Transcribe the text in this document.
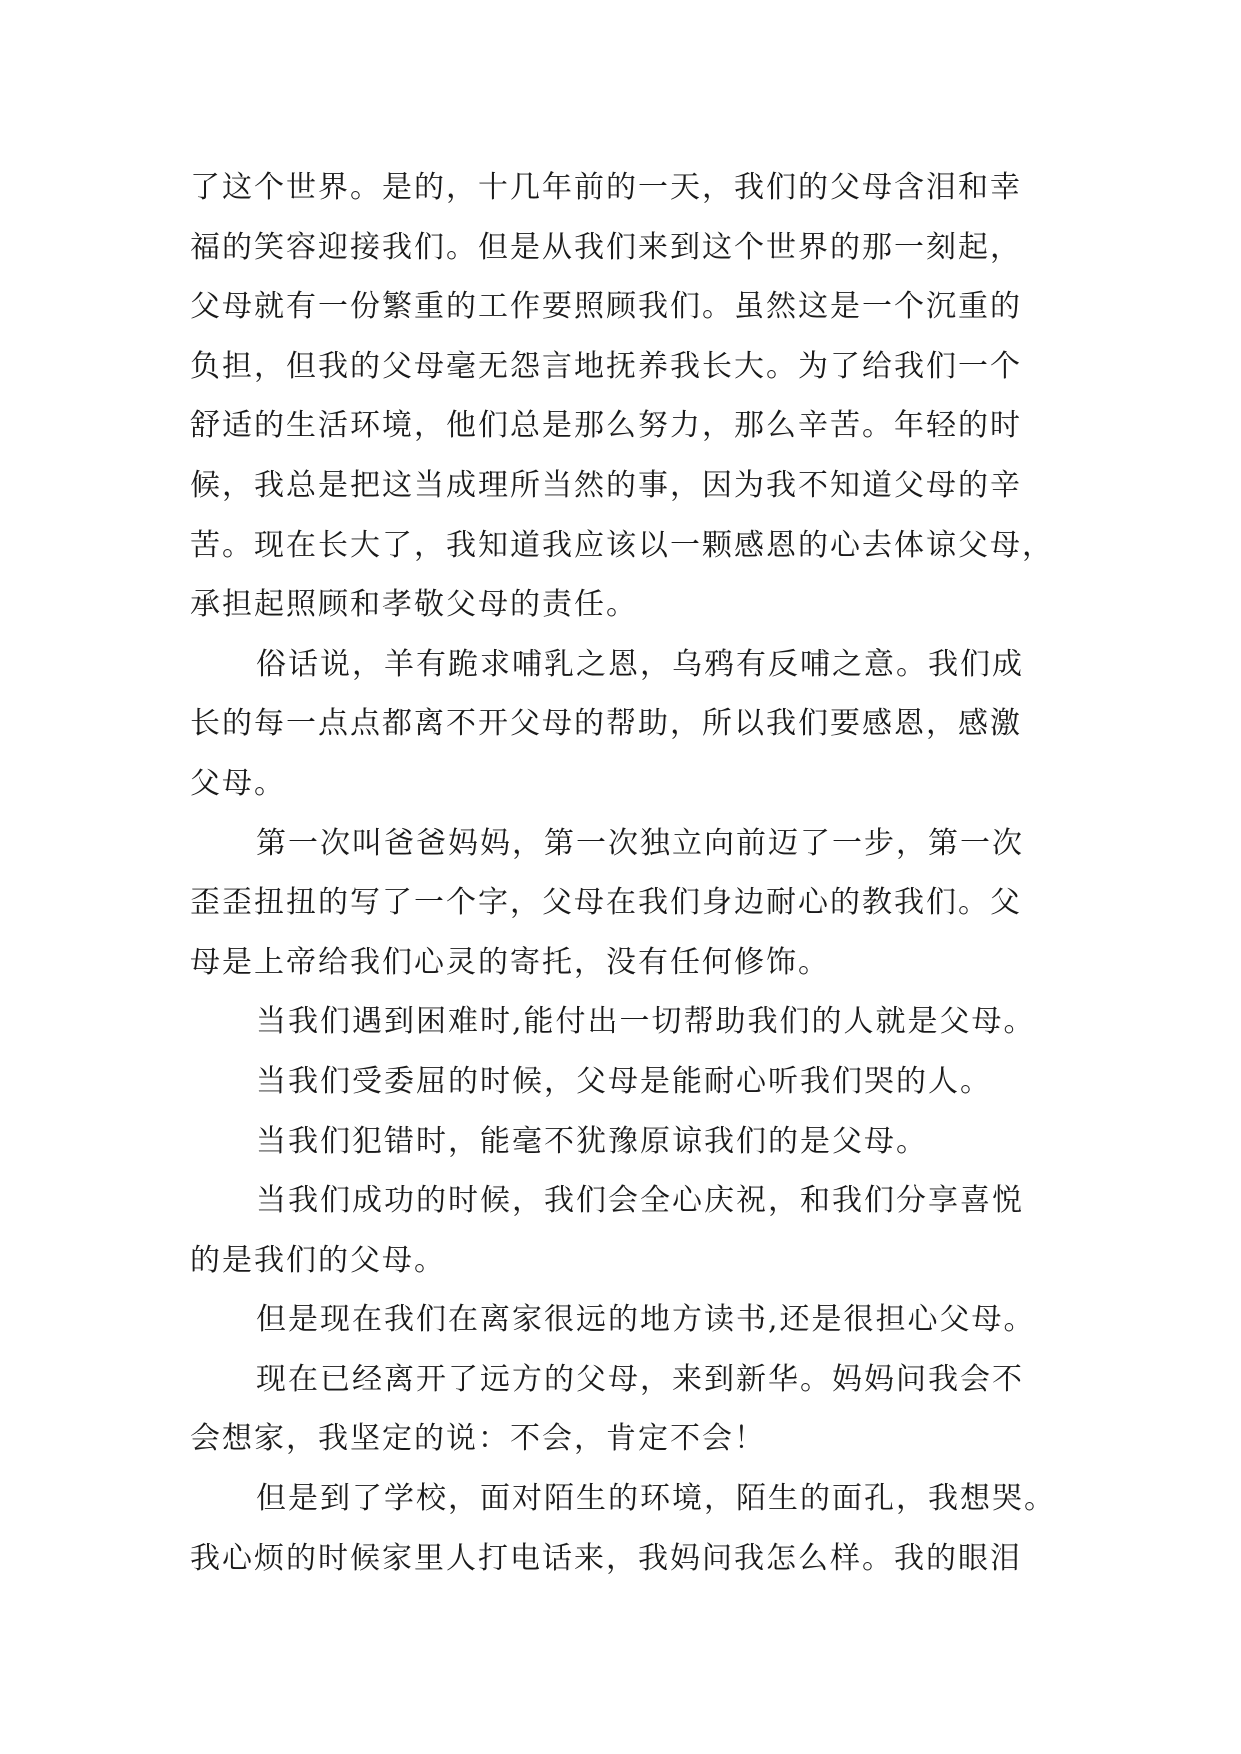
了这个世界。是的，十几年前的一天，我们的父母含泪和幸
福的笑容迎接我们。但是从我们来到这个世界的那一刻起，
父母就有一份繁重的工作要照顾我们。虽然这是一个沉重的
负担，但我的父母毫无怨言地抚养我长大。为了给我们一个
舒适的生活环境，他们总是那么努力，那么辛苦。年轻的时
候，我总是把这当成理所当然的事，因为我不知道父母的辛
苦。现在长大了，我知道我应该以一颗感恩的心去体谅父母，
承担起照顾和孝敬父母的责任。
俗话说，羊有跪求哺乳之恩，乌鸦有反哺之意。我们成
长的每一点点都离不开父母的帮助，所以我们要感恩，感激
父母。
第一次叫爸爸妈妈，第一次独立向前迈了一步，第一次
歪歪扭扭的写了一个字，父母在我们身边耐心的教我们。父
母是上帝给我们心灵的寄托，没有任何修饰。
当我们遇到困难时,能付出一切帮助我们的人就是父母。
当我们受委屈的时候，父母是能耐心听我们哭的人。
当我们犯错时，能毫不犹豫原谅我们的是父母。
当我们成功的时候，我们会全心庆祝，和我们分享喜悦
的是我们的父母。
但是现在我们在离家很远的地方读书,还是很担心父母。
现在已经离开了远方的父母，来到新华。妈妈问我会不
会想家，我坚定的说：不会，肯定不会！
但是到了学校，面对陌生的环境，陌生的面孔，我想哭。
我心烦的时候家里人打电话来，我妈问我怎么样。我的眼泪
